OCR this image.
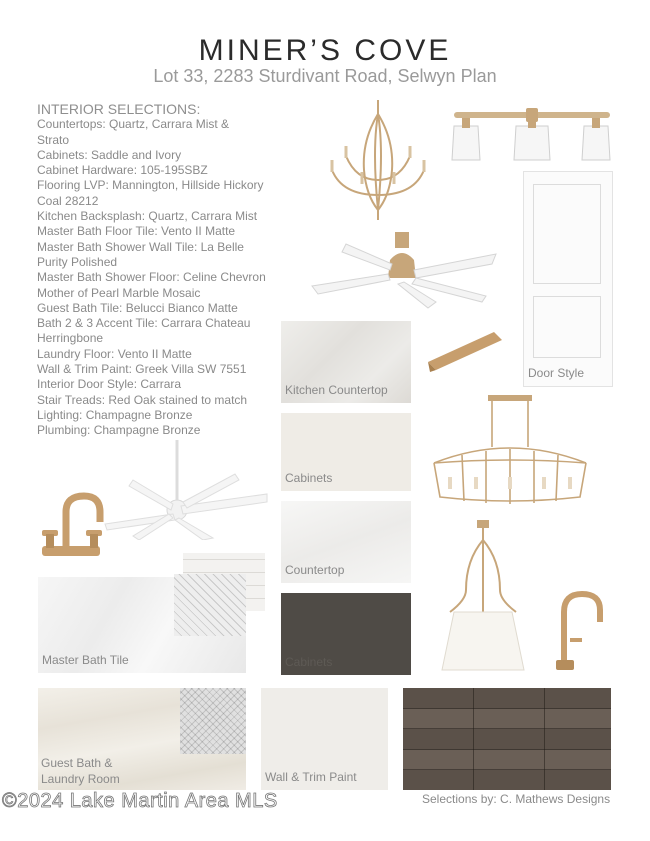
MINER’S COVE
Lot 33, 2283 Sturdivant Road, Selwyn Plan
INTERIOR SELECTIONS:
Countertops: Quartz, Carrara Mist &
Strato
Cabinets: Saddle and Ivory
Cabinet Hardware: 105-195SBZ
Flooring LVP: Mannington, Hillside Hickory
Coal 28212
Kitchen Backsplash: Quartz, Carrara Mist
Master Bath Floor Tile: Vento II Matte
Master Bath Shower Wall Tile: La Belle
Purity Polished
Master Bath Shower Floor: Celine Chevron
Mother of Pearl Marble Mosaic
Guest Bath Tile: Belucci Bianco Matte
Bath 2 & 3 Accent Tile: Carrara Chateau
Herringbone
Laundry Floor: Vento II Matte
Wall & Trim Paint: Greek Villa SW 7551
Interior Door Style: Carrara
Stair Treads: Red Oak stained to match
Lighting: Champagne Bronze
Plumbing: Champagne Bronze
Door Style
Kitchen Countertop
Cabinets
Countertop
Cabinets
Master Bath Tile
Guest Bath &
Laundry Room	Wall & Trim Paint
©2024 Lake Martin Area MLS	Selections by: C. Mathews Designs
